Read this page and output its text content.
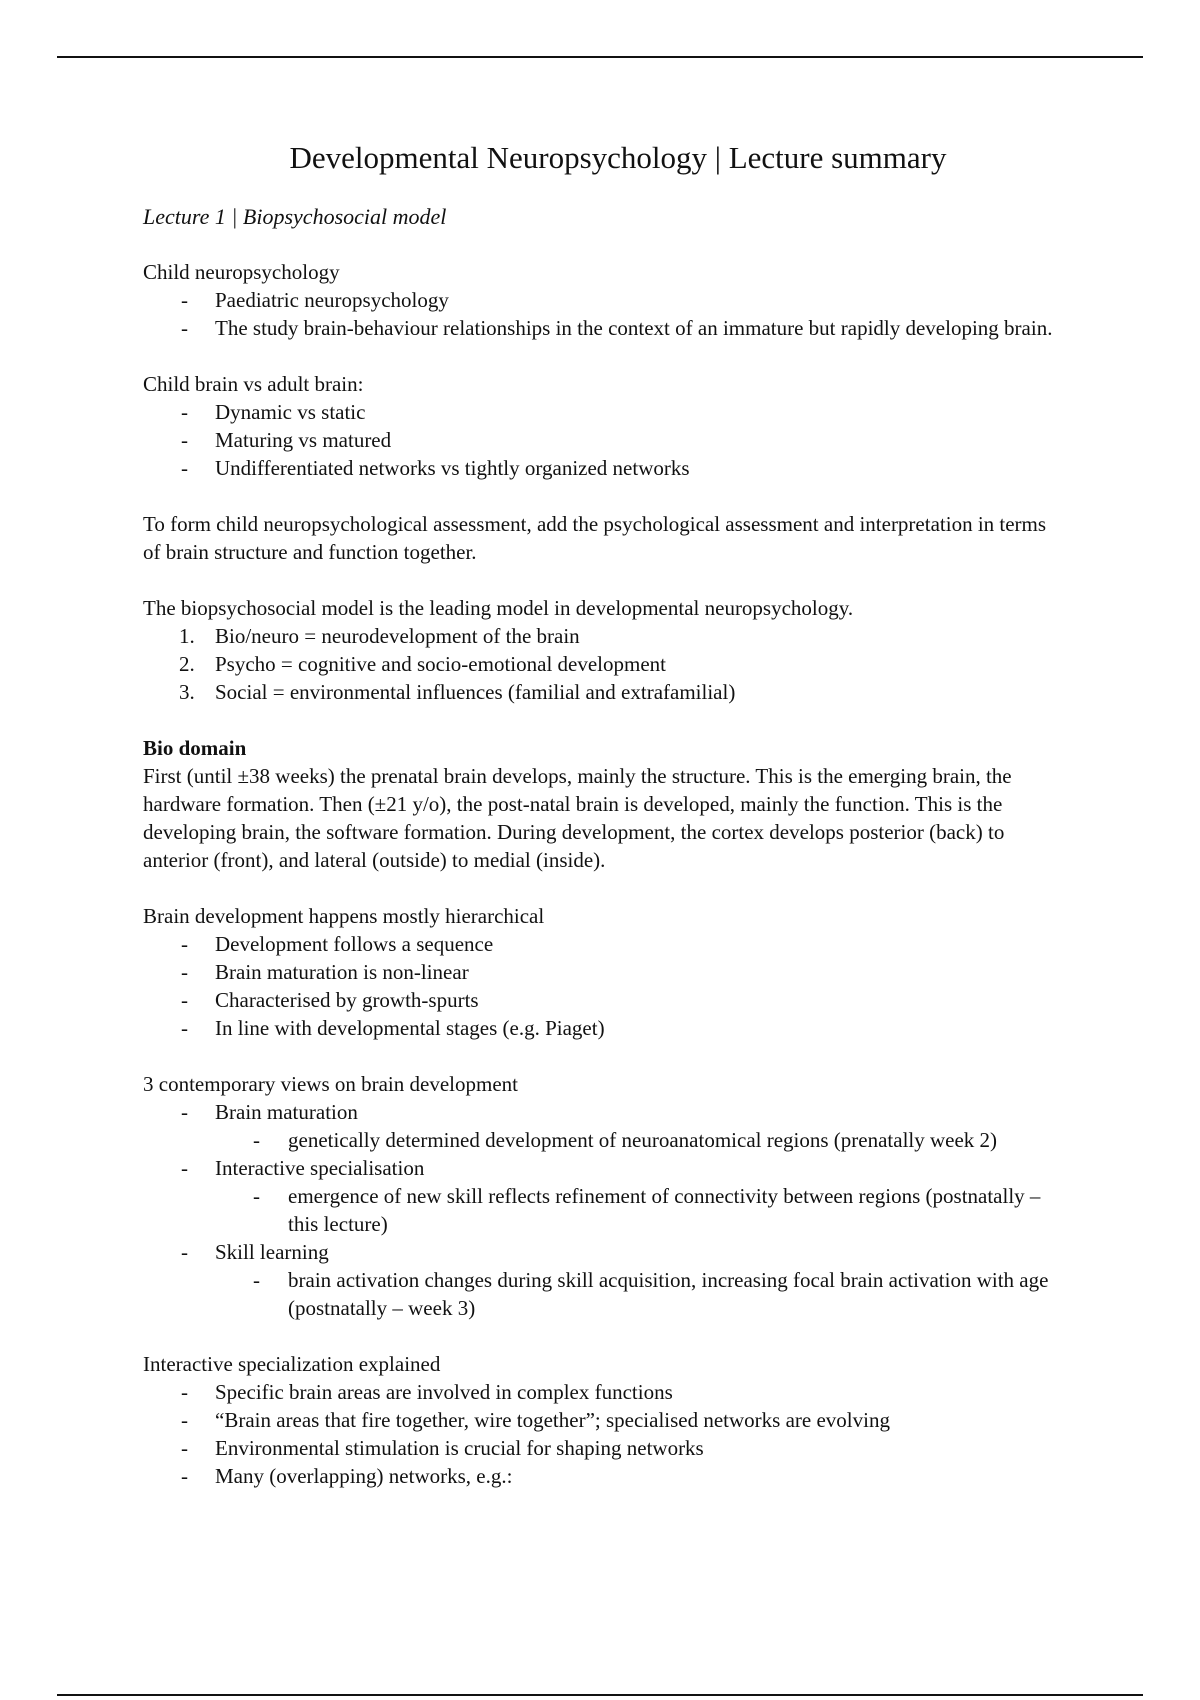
Developmental Neuropsychology | Lecture summary
Lecture 1 | Biopsychosocial model

Child neuropsychology

- Paediatric neuropsychology
- The study brain-behaviour relationships in the context of an immature but rapidly developing brain.

Child brain vs adult brain:

- Dynamic vs static
- Maturing vs matured
- Undifferentiated networks vs tightly organized networks

To form child neuropsychological assessment, add the psychological assessment and interpretation in terms of brain structure and function together.

The biopsychosocial model is the leading model in developmental neuropsychology.

1. Bio/neuro = neurodevelopment of the brain
2. Psycho = cognitive and socio-emotional development
3. Social = environmental influences (familial and extrafamilial)

Bio domain

First (until ±38 weeks) the prenatal brain develops, mainly the structure. This is the emerging brain, the hardware formation. Then (±21 y/o), the post-natal brain is developed, mainly the function. This is the developing brain, the software formation. During development, the cortex develops posterior (back) to anterior (front), and lateral (outside) to medial (inside).

Brain development happens mostly hierarchical

- Development follows a sequence
- Brain maturation is non-linear
- Characterised by growth-spurts
- In line with developmental stages (e.g. Piaget)

3 contemporary views on brain development

- Brain maturation
- genetically determined development of neuroanatomical regions (prenatally week 2)
- Interactive specialisation
- emergence of new skill reflects refinement of connectivity between regions (postnatally – this lecture)
- Skill learning
- brain activation changes during skill acquisition, increasing focal brain activation with age (postnatally – week 3)

Interactive specialization explained

- Specific brain areas are involved in complex functions
- “Brain areas that fire together, wire together”; specialised networks are evolving
- Environmental stimulation is crucial for shaping networks
- Many (overlapping) networks, e.g.:
